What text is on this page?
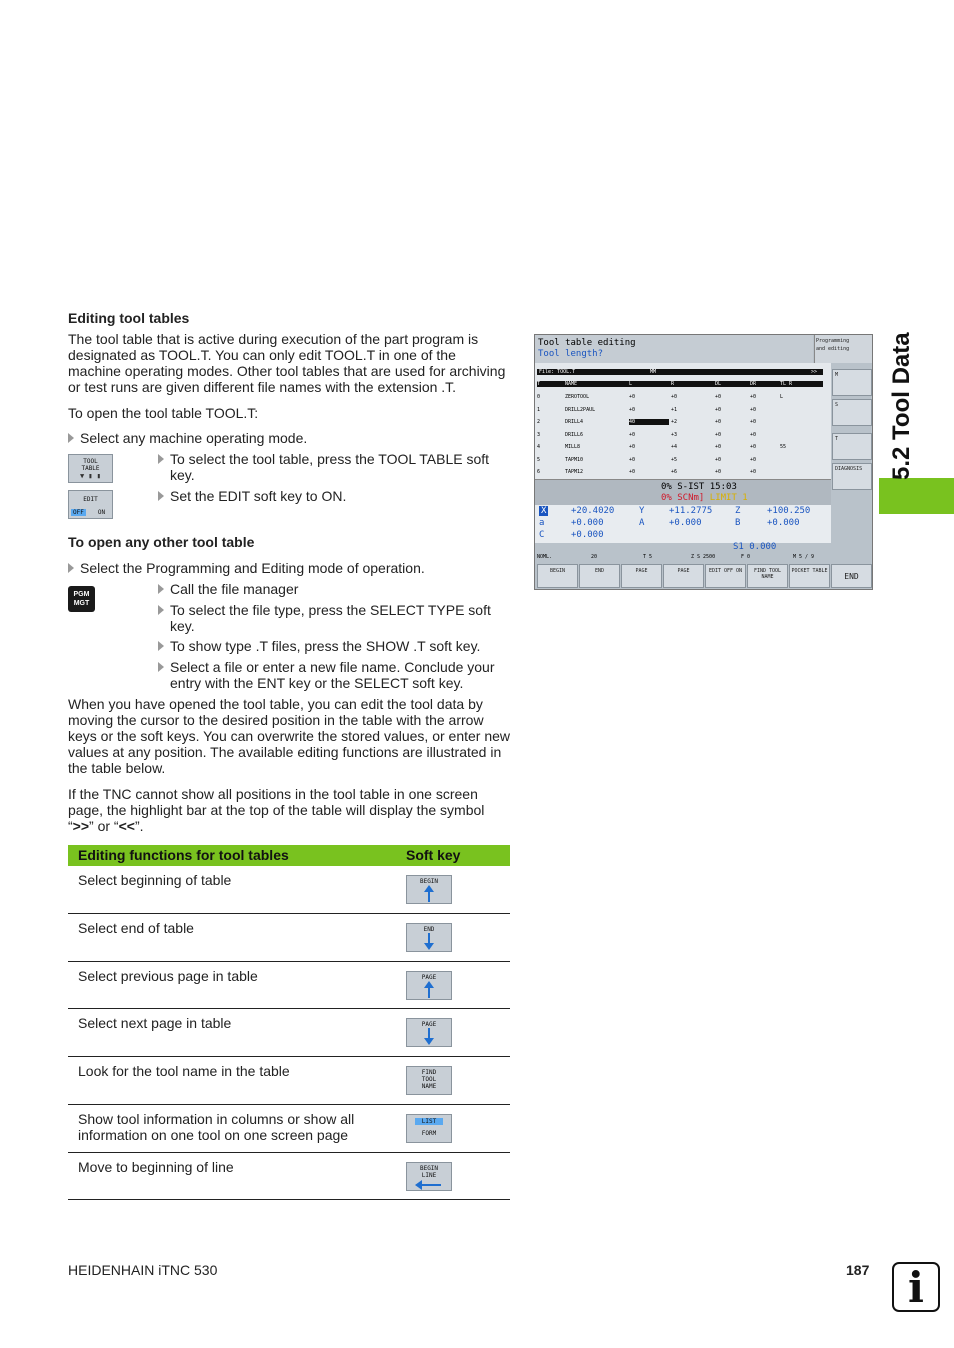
5.2 Tool Data
Editing tool tables
The tool table that is active during execution of the part program is designated as TOOL.T. You can only edit TOOL.T in one of the machine operating modes. Other tool tables that are used for archiving or test runs are given different file names with the extension .T.
To open the tool table TOOL.T:
Select any machine operating mode.
TOOL
TABLE
▼ ▮ ▮
To select the tool table, press the TOOL TABLE soft key.
EDIT
OFF ON
Set the EDIT soft key to ON.
To open any other tool table
Select the Programming and Editing mode of operation.
PGM
MGT
Call the file manager
To select the file type, press the SELECT TYPE soft key.
To show type .T files, press the SHOW .T soft key.
Select a file or enter a new file name. Conclude your entry with the ENT key or the SELECT soft key.
When you have opened the tool table, you can edit the tool data by moving the cursor to the desired position in the table with the arrow keys or the soft keys. You can overwrite the stored values, or enter new values at any position. The available editing functions are illustrated in the table below.
If the TNC cannot show all positions in the tool table in one screen page, the highlight bar at the top of the table will display the symbol “>>” or “<<”.
Editing functions for tool tables	Soft key
Select beginning of table	BEGIN
Select end of table	END
Select previous page in table	PAGE
Select next page in table	PAGE
Look for the tool name in the table	FIND
TOOL
NAME
Show tool information in columns or show all information on one tool on one screen page
LIST
FORM
Move to beginning of line	BEGIN
LINE
Tool table editing
Tool length?
Programming
and editing
File: TOOL.T	MM	>>
T	NAME	L	R	DL	DR	TL R
0	ZEROTOOL	+0	+0	+0	+0	L
1	DRILL2PAUL	+0	+1	+0	+0
2	DRILL4	40	+2	+0	+0
3	DRILL6	+0	+3	+0	+0
4	MILL8	+0	+4	+0	+0	55
5	TAPM10	+0	+5	+0	+0
6	TAPM12	+0	+6	+0	+0
0% S-IST 15:03
0% SCNm] LIMIT 1
X	+20.4020	Y	+11.2775	Z	+100.250
a	+0.000	A	+0.000	B	+0.000
C	+0.000
S1 0.000
NOML.	20	T 5	Z S 2500	F 0	M 5 / 9
M
S
T
DIAGNOSIS
BEGIN	END	PAGE	PAGE	EDIT OFF ON	FIND TOOL NAME
POCKET TABLE
END
HEIDENHAIN iTNC 530	187 i
